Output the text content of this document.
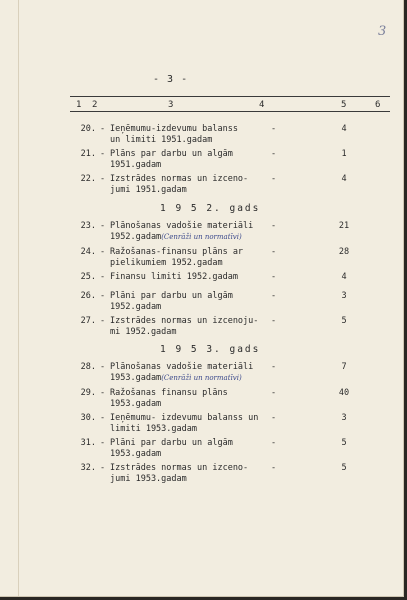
3
- 3 -
1 2	3	4	5	6
20. - Ieņēmumu-izdevumu balanss
un limiti 1951.gadam
-	4
21. - Plāns par darbu un algām
1951.gadam
-	1
22. - Izstrādes normas un izceno-
jumi 1951.gadam
-	4
1 9 5 2. gads
23. - Plānošanas vadošie materiāli
1952.gadam(Cenrāži un normatīvi)
-	21
24. - Ražošanas-finansu plāns ar
pielikumiem 1952.gadam
-	28
25. - Finansu limiti 1952.gadam	-	4
26. - Plāni par darbu un algām
1952.gadam
-	3
27. - Izstrādes normas un izcenoju-
mi 1952.gadam
-	5
1 9 5 3. gads
28. - Plānošanas vadošie materiāli
1953.gadam(Cenrāži un normatīvi)
-	7
29. - Ražošanas finansu plāns
1953.gadam
-	40
30. - Ieņēmumu- izdevumu balanss un
limiti 1953.gadam
-	3
31. - Plāni par darbu un algām
1953.gadam
-	5
32. - Izstrādes normas un izceno-
jumi 1953.gadam
-	5
